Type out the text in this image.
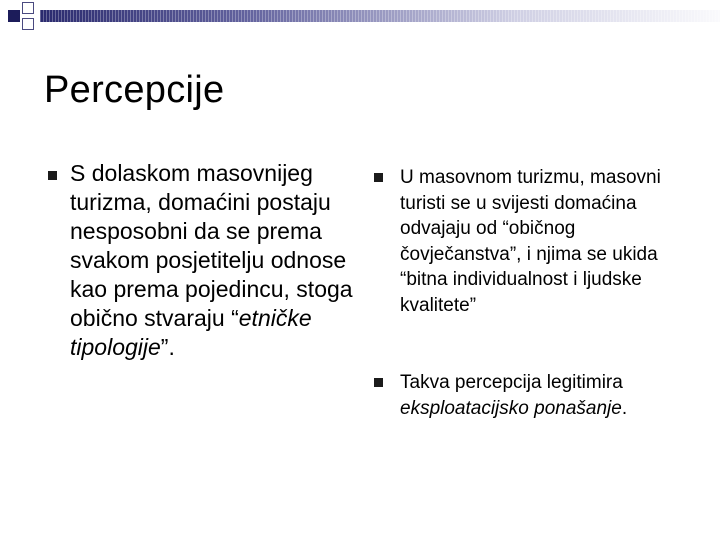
Percepcije
S dolaskom masovnijeg turizma, domaćini postaju nesposobni da se prema svakom posjetitelju odnose kao prema pojedincu, stoga obično stvaraju “etničke tipologije”.
U masovnom turizmu, masovni turisti se u svijesti domaćina odvajaju od “običnog čovječanstva”, i njima se ukida “bitna individualnost i ljudske kvalitete”
Takva percepcija legitimira eksploatacijsko ponašanje.
